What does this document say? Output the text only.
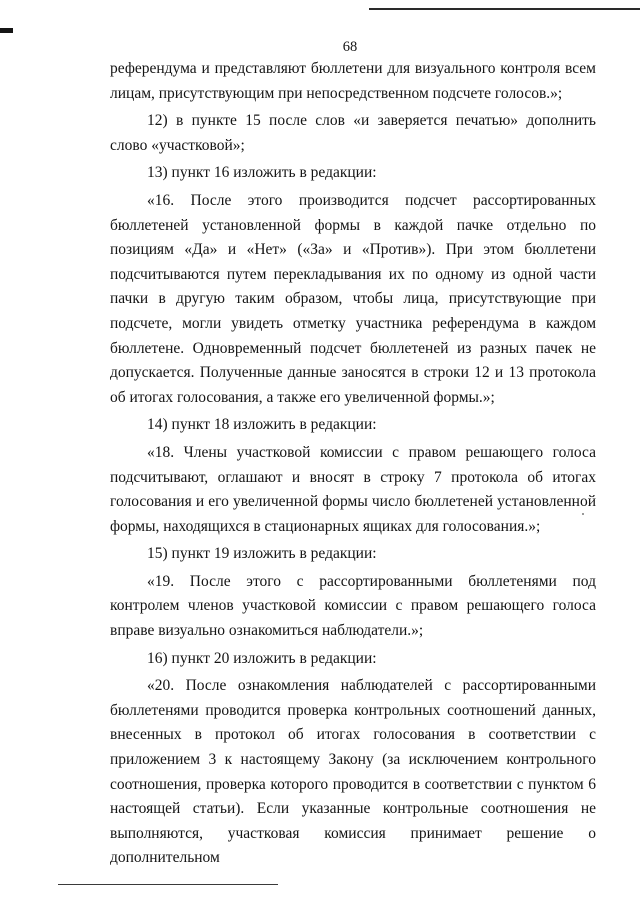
68

референдума и представляют бюллетени для визуального контроля всем лицам, присутствующим при непосредственном подсчете голосов.»;

12) в пункте 15 после слов «и заверяется печатью» дополнить слово «участковой»;

13) пункт 16 изложить в редакции:

«16. После этого производится подсчет рассортированных бюллетеней установленной формы в каждой пачке отдельно по позициям «Да» и «Нет» («За» и «Против»). При этом бюллетени подсчитываются путем перекладывания их по одному из одной части пачки в другую таким образом, чтобы лица, присутствующие при подсчете, могли увидеть отметку участника референдума в каждом бюллетене. Одновременный подсчет бюллетеней из разных пачек не допускается. Полученные данные заносятся в строки 12 и 13 протокола об итогах голосования, а также его увеличенной формы.»;

14) пункт 18 изложить в редакции:

«18. Члены участковой комиссии с правом решающего голоса подсчитывают, оглашают и вносят в строку 7 протокола об итогах голосования и его увеличенной формы число бюллетеней установленной формы, находящихся в стационарных ящиках для голосования.»;

15) пункт 19 изложить в редакции:

«19. После этого с рассортированными бюллетенями под контролем членов участковой комиссии с правом решающего голоса вправе визуально ознакомиться наблюдатели.»;

16) пункт 20 изложить в редакции:

«20. После ознакомления наблюдателей с рассортированными бюллетенями проводится проверка контрольных соотношений данных, внесенных в протокол об итогах голосования в соответствии с приложением 3 к настоящему Закону (за исключением контрольного соотношения, проверка которого проводится в соответствии с пунктом 6 настоящей статьи). Если указанные контрольные соотношения не выполняются, участковая комиссия принимает решение о дополнительном
